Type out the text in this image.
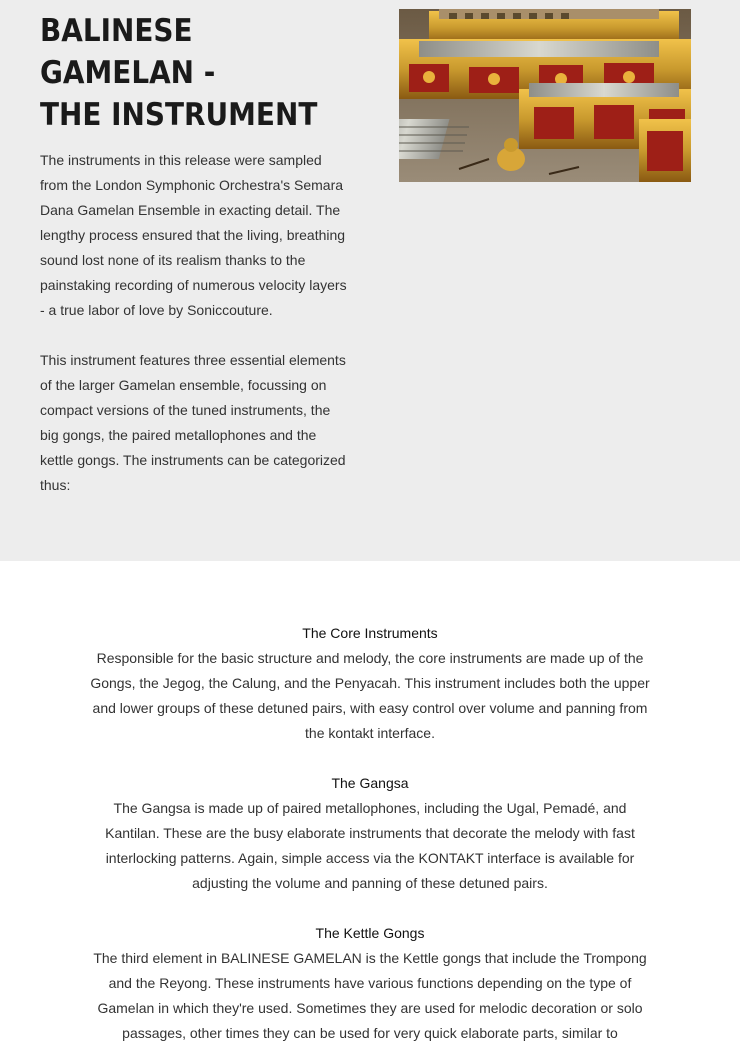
BALINESE GAMELAN -
THE INSTRUMENT

The instruments in this release were sampled from the London Symphonic Orchestra's Semara Dana Gamelan Ensemble in exacting detail. The lengthy process ensured that the living, breathing sound lost none of its realism thanks to the painstaking recording of numerous velocity layers - a true labor of love by Soniccouture.

This instrument features three essential elements of the larger Gamelan ensemble, focussing on compact versions of the tuned instruments, the big gongs, the paired metallophones and the kettle gongs. The instruments can be categorized thus:

The Core Instruments

Responsible for the basic structure and melody, the core instruments are made up of the Gongs, the Jegog, the Calung, and the Penyacah. This instrument includes both the upper and lower groups of these detuned pairs, with easy control over volume and panning from the kontakt interface.

The Gangsa

The Gangsa is made up of paired metallophones, including the Ugal, Pemadé, and Kantilan. These are the busy elaborate instruments that decorate the melody with fast interlocking patterns. Again, simple access via the KONTAKT interface is available for adjusting the volume and panning of these detuned pairs.

The Kettle Gongs

The third element in BALINESE GAMELAN is the Kettle gongs that include the Trompong and the Reyong. These instruments have various functions depending on the type of Gamelan in which they're used. Sometimes they are used for melodic decoration or solo passages, other times they can be used for very quick elaborate parts, similar to
